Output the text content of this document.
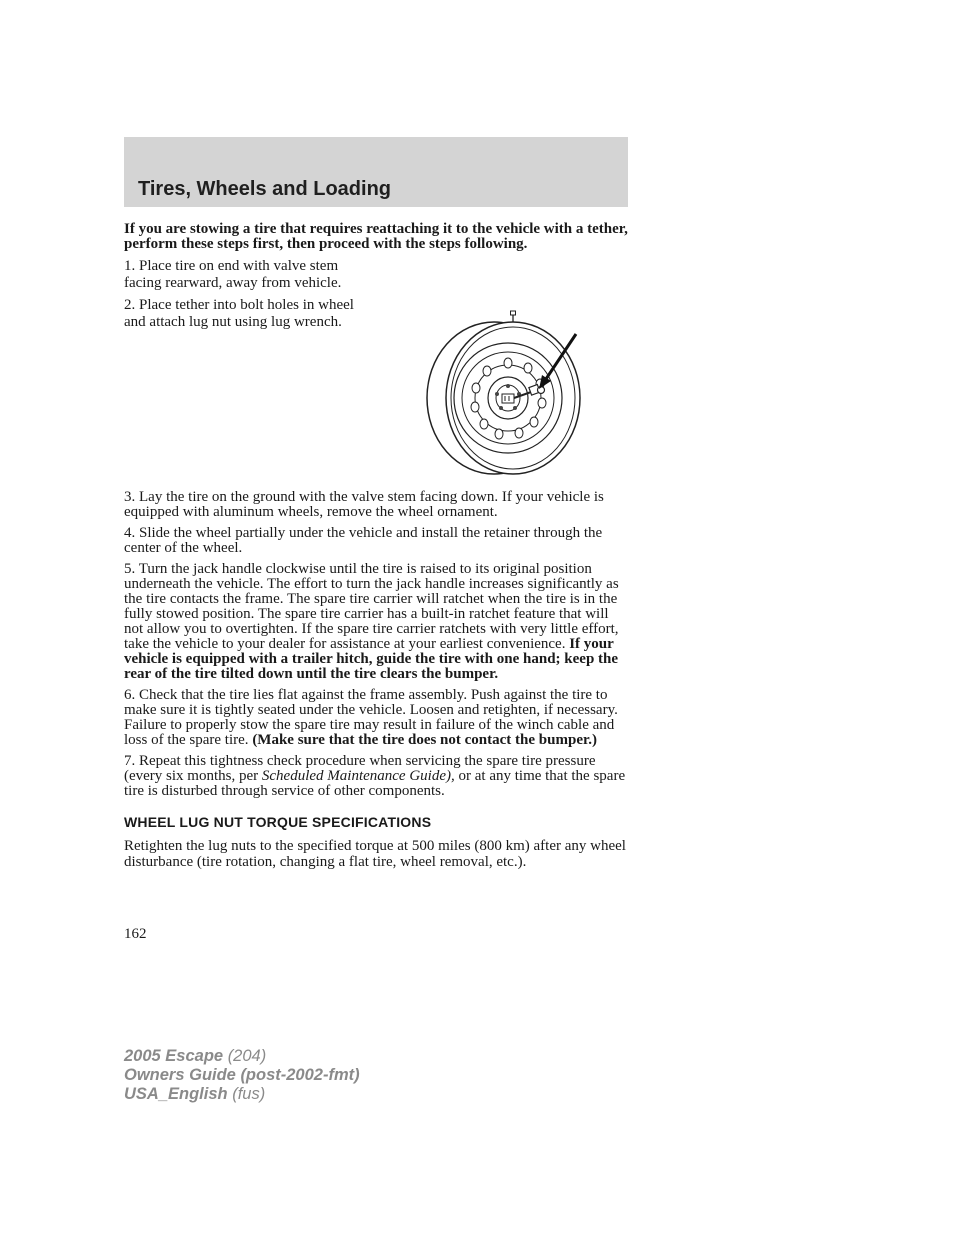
Tires, Wheels and Loading

If you are stowing a tire that requires reattaching it to the vehicle with a tether, perform these steps first, then proceed with the steps following.

1. Place tire on end with valve stem facing rearward, away from vehicle.

2. Place tether into bolt holes in wheel and attach lug nut using lug wrench.

3. Lay the tire on the ground with the valve stem facing down. If your vehicle is equipped with aluminum wheels, remove the wheel ornament.

4. Slide the wheel partially under the vehicle and install the retainer through the center of the wheel.

5. Turn the jack handle clockwise until the tire is raised to its original position underneath the vehicle. The effort to turn the jack handle increases significantly as the tire contacts the frame. The spare tire carrier will ratchet when the tire is in the fully stowed position. The spare tire carrier has a built-in ratchet feature that will not allow you to overtighten. If the spare tire carrier ratchets with very little effort, take the vehicle to your dealer for assistance at your earliest convenience. If your vehicle is equipped with a trailer hitch, guide the tire with one hand; keep the rear of the tire tilted down until the tire clears the bumper.

6. Check that the tire lies flat against the frame assembly. Push against the tire to make sure it is tightly seated under the vehicle. Loosen and retighten, if necessary. Failure to properly stow the spare tire may result in failure of the winch cable and loss of the spare tire. (Make sure that the tire does not contact the bumper.)

7. Repeat this tightness check procedure when servicing the spare tire pressure (every six months, per Scheduled Maintenance Guide), or at any time that the spare tire is disturbed through service of other components.

WHEEL LUG NUT TORQUE SPECIFICATIONS

Retighten the lug nuts to the specified torque at 500 miles (800 km) after any wheel disturbance (tire rotation, changing a flat tire, wheel removal, etc.).

162
2005 Escape (204)
Owners Guide (post-2002-fmt)
USA_English (fus)
